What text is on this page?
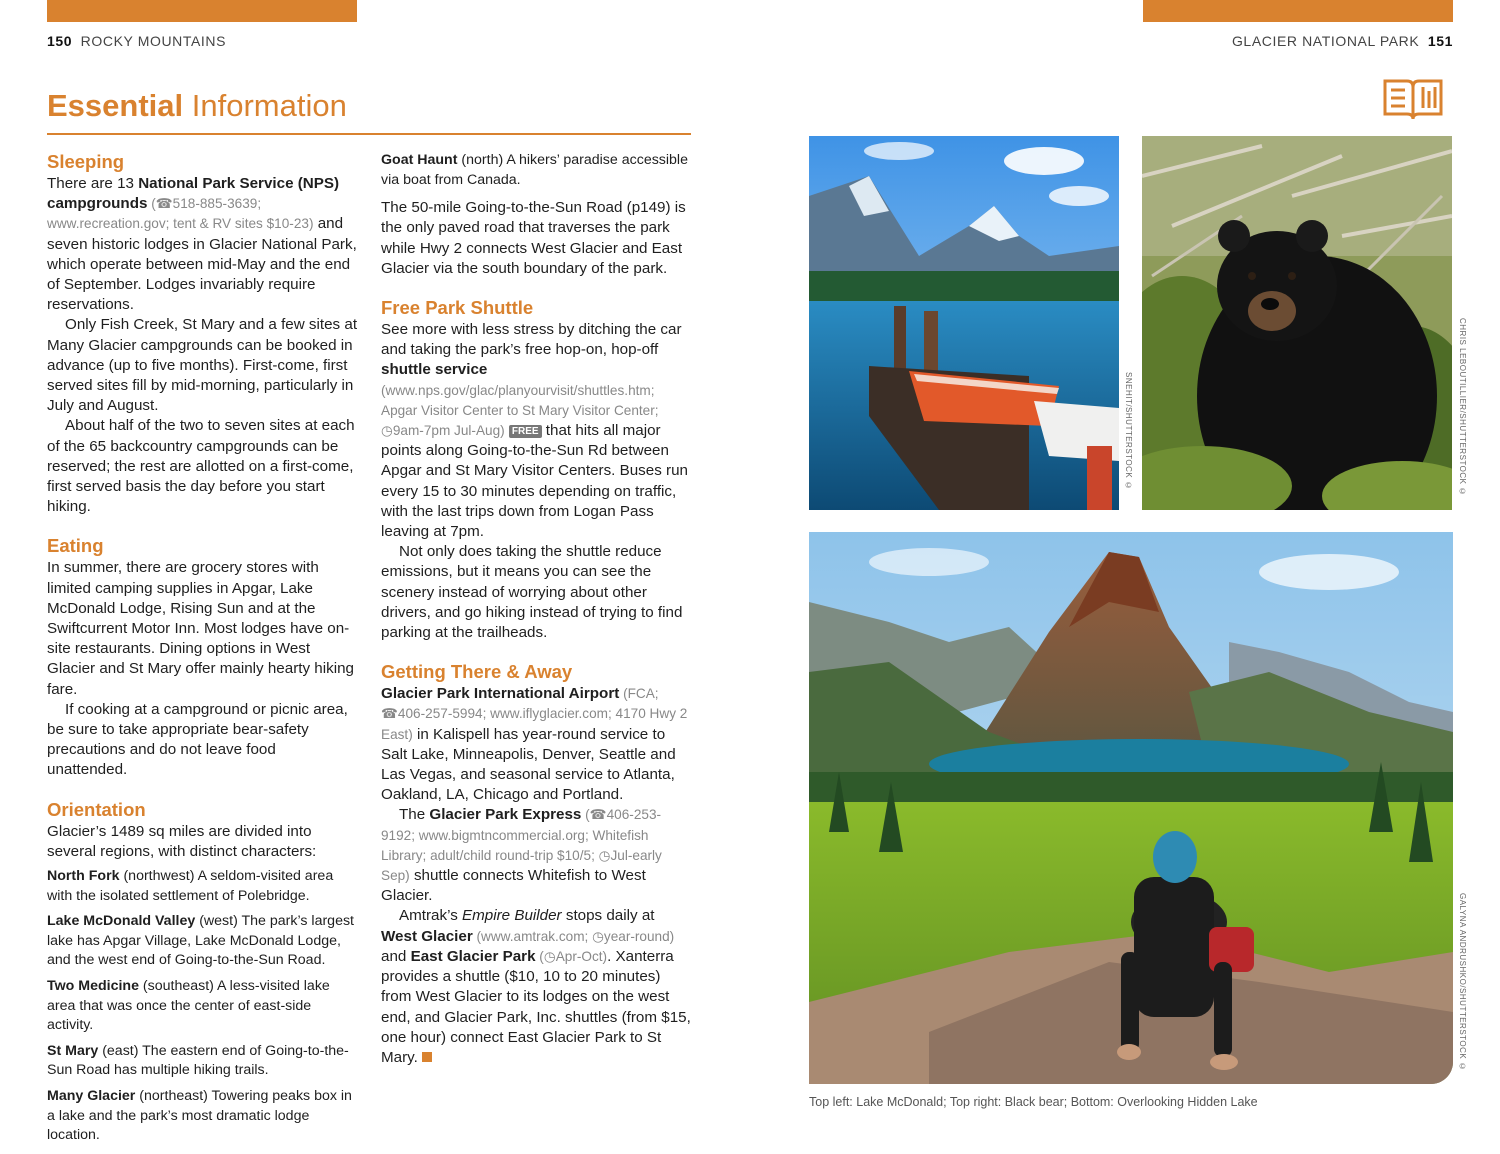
150 ROCKY MOUNTAINS	GLACIER NATIONAL PARK 151
Essential Information
Sleeping

There are 13 National Park Service (NPS) campgrounds (☎518-885-3639; www.recreation.gov; tent & RV sites $10-23) and seven historic lodges in Glacier National Park, which operate between mid-May and the end of September. Lodges invariably require reservations.

Only Fish Creek, St Mary and a few sites at Many Glacier campgrounds can be booked in advance (up to five months). First-come, first served sites fill by mid-morning, particularly in July and August.

About half of the two to seven sites at each of the 65 backcountry campgrounds can be reserved; the rest are allotted on a first-come, first served basis the day before you start hiking.

Eating

In summer, there are grocery stores with limited camping supplies in Apgar, Lake McDonald Lodge, Rising Sun and at the Swiftcurrent Motor Inn. Most lodges have on-site restaurants. Dining options in West Glacier and St Mary offer mainly hearty hiking fare.

If cooking at a campground or picnic area, be sure to take appropriate bear-safety precautions and do not leave food unattended.

Orientation

Glacier’s 1489 sq miles are divided into several regions, with distinct characters:

North Fork (northwest) A seldom-visited area with the isolated settlement of Polebridge.

Lake McDonald Valley (west) The park’s largest lake has Apgar Village, Lake McDonald Lodge, and the west end of Going-to-the-Sun Road.

Two Medicine (southeast) A less-visited lake area that was once the center of east-side activity.

St Mary (east) The eastern end of Going-to-the-Sun Road has multiple hiking trails.

Many Glacier (northeast) Towering peaks box in a lake and the park’s most dramatic lodge location.

Goat Haunt (north) A hikers’ paradise accessible via boat from Canada.

The 50-mile Going-to-the-Sun Road (p149) is the only paved road that traverses the park while Hwy 2 connects West Glacier and East Glacier via the south boundary of the park.

Free Park Shuttle

See more with less stress by ditching the car and taking the park’s free hop-on, hop-off shuttle service (www.nps.gov/glac/planyourvisit/shuttles.htm; Apgar Visitor Center to St Mary Visitor Center; ◷9am-7pm Jul-Aug) FREE that hits all major points along Going-to-the-Sun Rd between Apgar and St Mary Visitor Centers. Buses run every 15 to 30 minutes depending on traffic, with the last trips down from Logan Pass leaving at 7pm.

Not only does taking the shuttle reduce emissions, but it means you can see the scenery instead of worrying about other drivers, and go hiking instead of trying to find parking at the trailheads.

Getting There & Away

Glacier Park International Airport (FCA; ☎406-257-5994; www.iflyglacier.com; 4170 Hwy 2 East) in Kalispell has year-round service to Salt Lake, Minneapolis, Denver, Seattle and Las Vegas, and seasonal service to Atlanta, Oakland, LA, Chicago and Portland.

The Glacier Park Express (☎406-253-9192; www.bigmtncommercial.org; Whitefish Library; adult/child round-trip $10/5; ◷Jul-early Sep) shuttle connects Whitefish to West Glacier.

Amtrak’s Empire Builder stops daily at West Glacier (www.amtrak.com; ◷year-round) and East Glacier Park (◷Apr-Oct). Xanterra provides a shuttle ($10, 10 to 20 minutes) from West Glacier to its lodges on the west end, and Glacier Park, Inc. shuttles (from $15, one hour) connect East Glacier Park to St Mary.

SNEHIT/SHUTTERSTOCK ©	CHRIS LEBOUTILLIER/SHUTTERSTOCK ©
GALYNA ANDRUSHKO/SHUTTERSTOCK ©
Top left: Lake McDonald; Top right: Black bear; Bottom: Overlooking Hidden Lake
